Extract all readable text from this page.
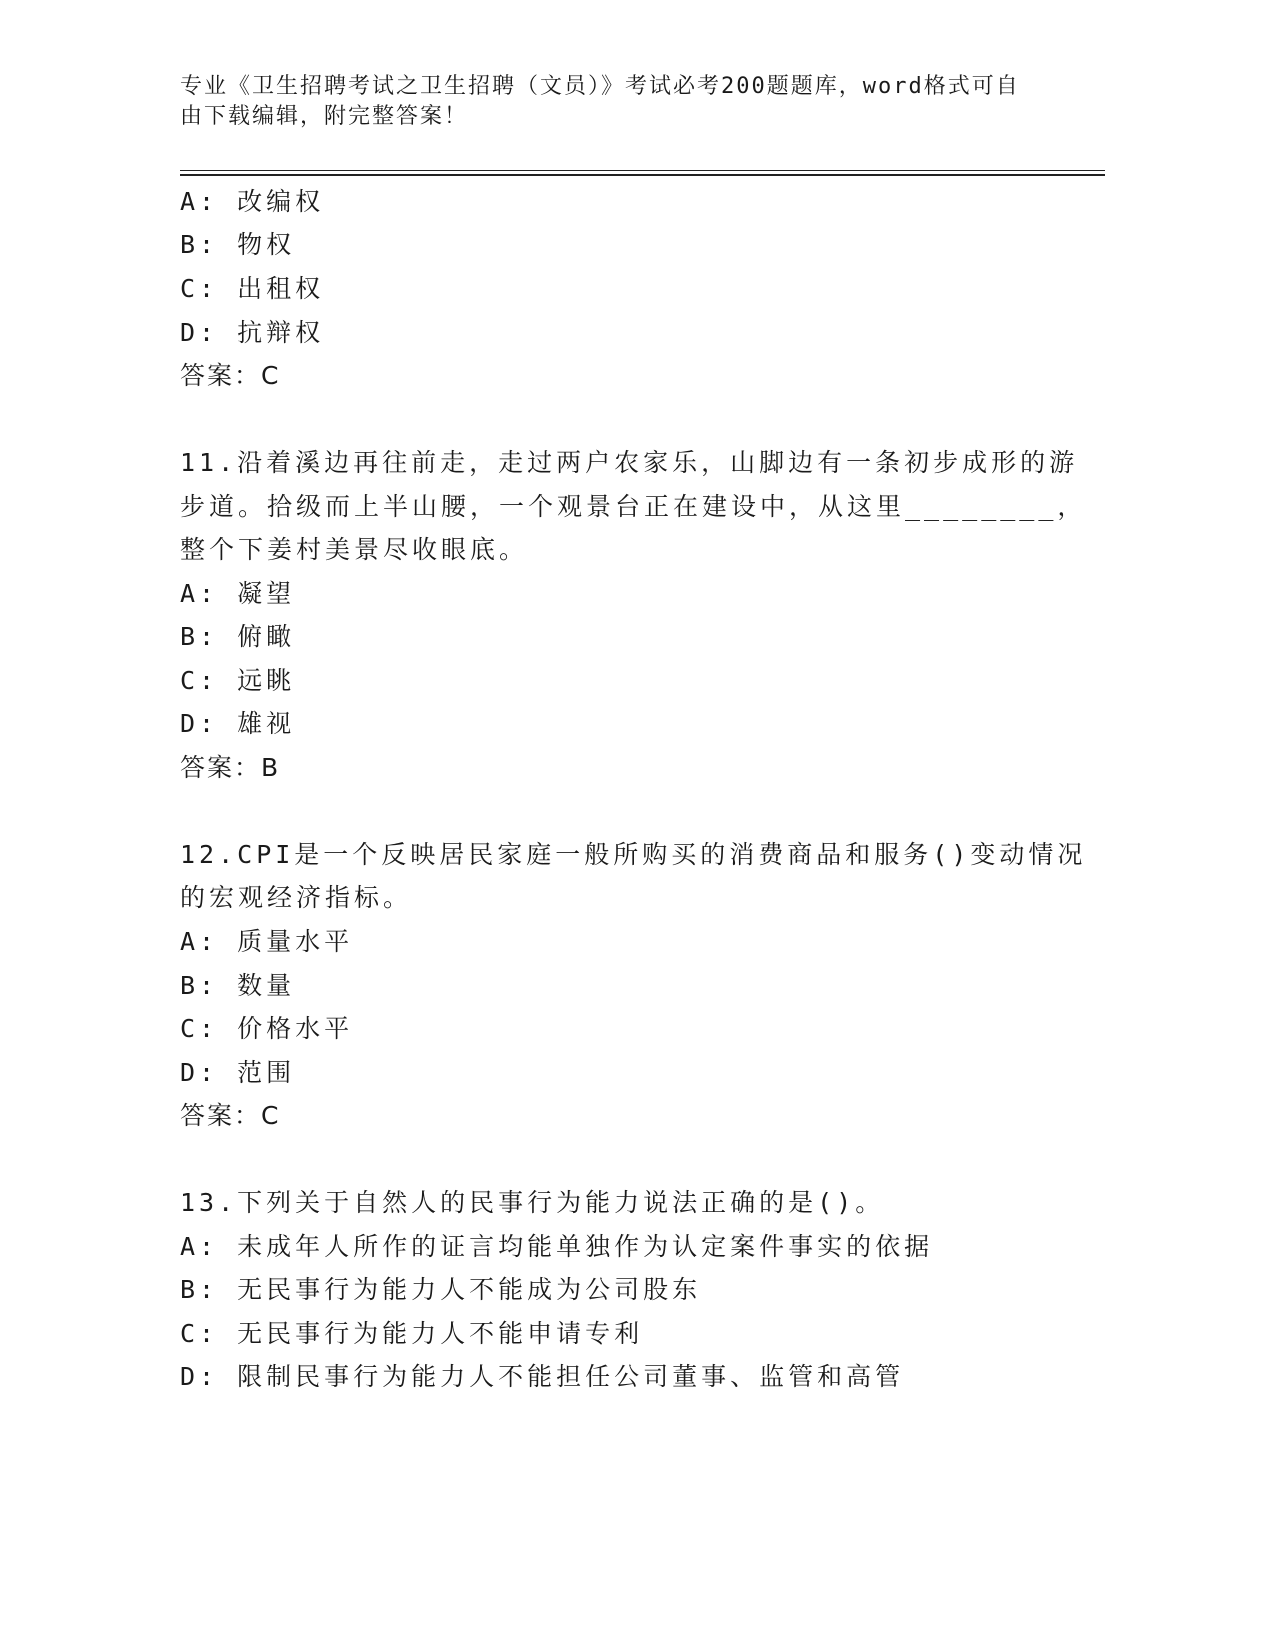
专业《卫生招聘考试之卫生招聘（文员）》考试必考200题题库，word格式可自
由下载编辑，附完整答案！
A: 改编权
B: 物权
C: 出租权
D: 抗辩权
答案：C
11.沿着溪边再往前走，走过两户农家乐，山脚边有一条初步成形的游
步道。拾级而上半山腰，一个观景台正在建设中，从这里________，
整个下姜村美景尽收眼底。
A: 凝望
B: 俯瞰
C: 远眺
D: 雄视
答案：B
12.CPI是一个反映居民家庭一般所购买的消费商品和服务()变动情况
的宏观经济指标。
A: 质量水平
B: 数量
C: 价格水平
D: 范围
答案：C
13.下列关于自然人的民事行为能力说法正确的是()。
A: 未成年人所作的证言均能单独作为认定案件事实的依据
B: 无民事行为能力人不能成为公司股东
C: 无民事行为能力人不能申请专利
D: 限制民事行为能力人不能担任公司董事、监管和高管
